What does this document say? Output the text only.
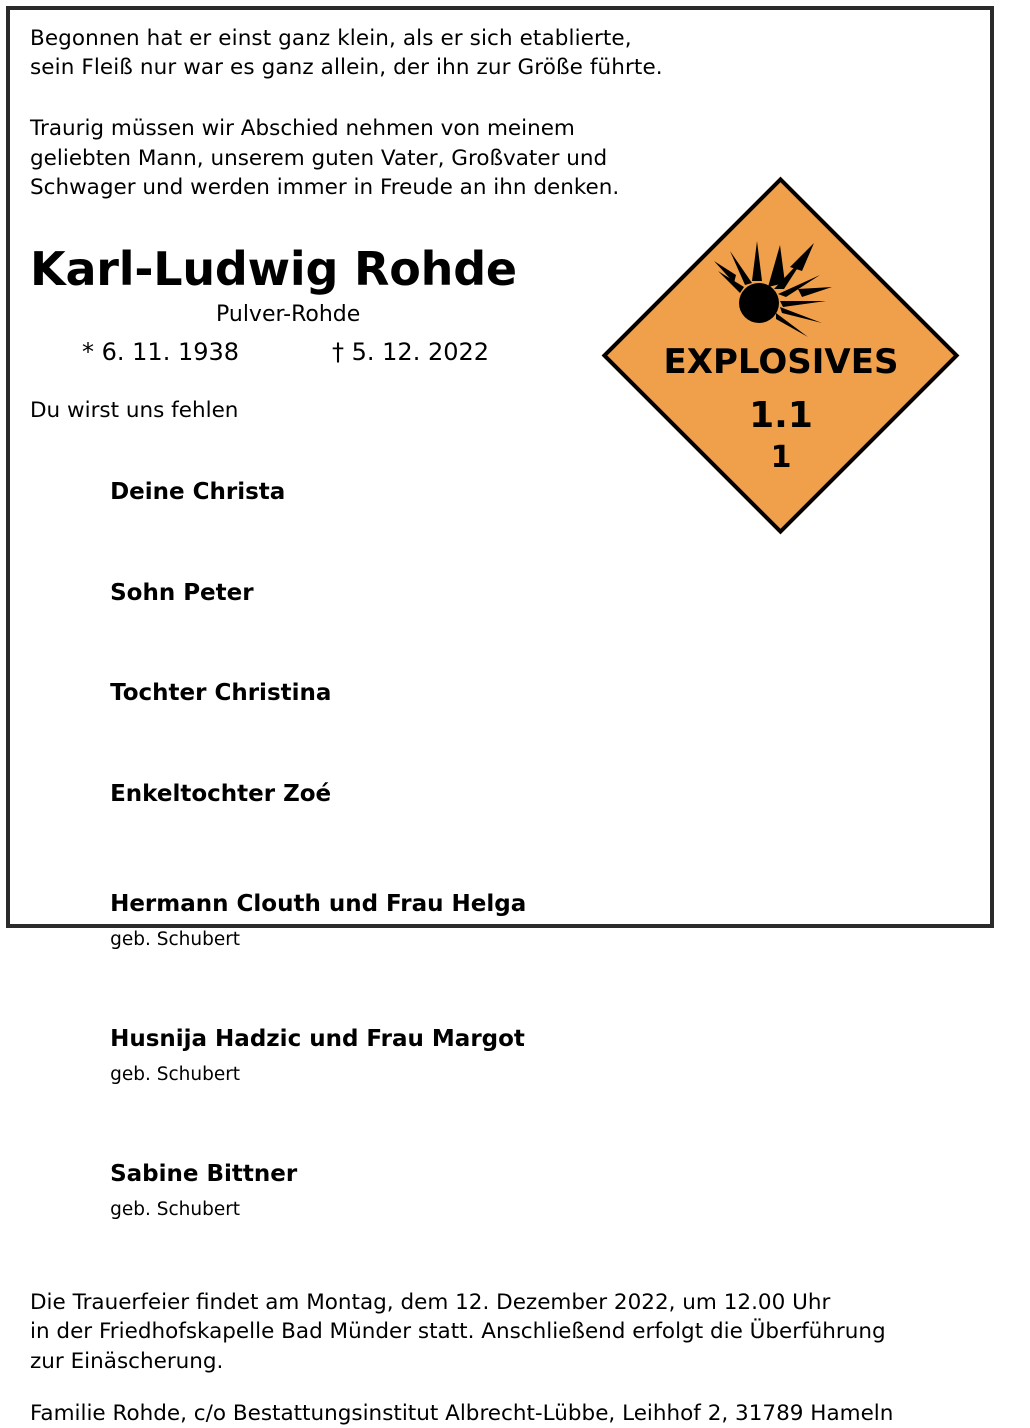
Begonnen hat er einst ganz klein, als er sich etablierte,
sein Fleiß nur war es ganz allein, der ihn zur Größe führte.
Traurig müssen wir Abschied nehmen von meinem
geliebten Mann, unserem guten Vater, Großvater und
Schwager und werden immer in Freude an ihn denken.
Karl-Ludwig Rohde
Pulver-Rohde
* 6. 11. 1938	† 5. 12. 2022
Du wirst uns fehlen

Deine Christa

Sohn Peter

Tochter Christina

Enkeltochter Zoé

Hermann Clouth und Frau Helga
geb. Schubert

Husnija Hadzic und Frau Margot
geb. Schubert

Sabine Bittner
geb. Schubert

Die Trauerfeier findet am Montag, dem 12. Dezember 2022, um 12.00 Uhr
in der Friedhofskapelle Bad Münder statt. Anschließend erfolgt die Überführung
zur Einäscherung.
Familie Rohde, c/o Bestattungsinstitut Albrecht-Lübbe, Leihhof 2, 31789 Hameln
EXPLOSIVES
1.1
1
